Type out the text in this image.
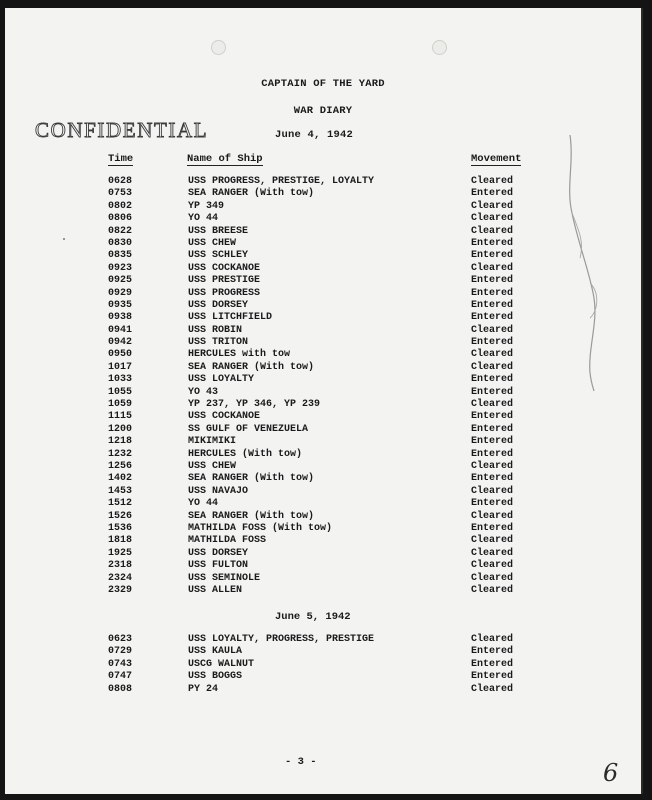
CAPTAIN OF THE YARD
WAR DIARY
CONFIDENTIAL	June 4, 1942
Time	Name of Ship	Movement
0628	USS PROGRESS, PRESTIGE, LOYALTY	Cleared
0753	SEA RANGER (With tow)	Entered
0802	YP 349	Cleared
0806	YO 44	Cleared
0822	USS BREESE	Cleared
0830	USS CHEW	Entered
0835	USS SCHLEY	Entered
0923	USS COCKANOE	Cleared
0925	USS PRESTIGE	Entered
0929	USS PROGRESS	Entered
0935	USS DORSEY	Entered
0938	USS LITCHFIELD	Entered
0941	USS ROBIN	Cleared
0942	USS TRITON	Entered
0950	HERCULES with tow	Cleared
1017	SEA RANGER (With tow)	Cleared
1033	USS LOYALTY	Entered
1055	YO 43	Entered
1059	YP 237, YP 346, YP 239	Cleared
1115	USS COCKANOE	Entered
1200	SS GULF OF VENEZUELA	Entered
1218	MIKIMIKI	Entered
1232	HERCULES (With tow)	Entered
1256	USS CHEW	Cleared
1402	SEA RANGER (With tow)	Entered
1453	USS NAVAJO	Cleared
1512	YO 44	Entered
1526	SEA RANGER (With tow)	Cleared
1536	MATHILDA FOSS (With tow)	Entered
1818	MATHILDA FOSS	Cleared
1925	USS DORSEY	Cleared
2318	USS FULTON	Cleared
2324	USS SEMINOLE	Cleared
2329	USS ALLEN	Cleared
June 5, 1942
0623	USS LOYALTY, PROGRESS, PRESTIGE	Cleared
0729	USS KAULA	Entered
0743	USCG WALNUT	Entered
0747	USS BOGGS	Entered
0808	PY 24	Cleared
- 3 -	6
